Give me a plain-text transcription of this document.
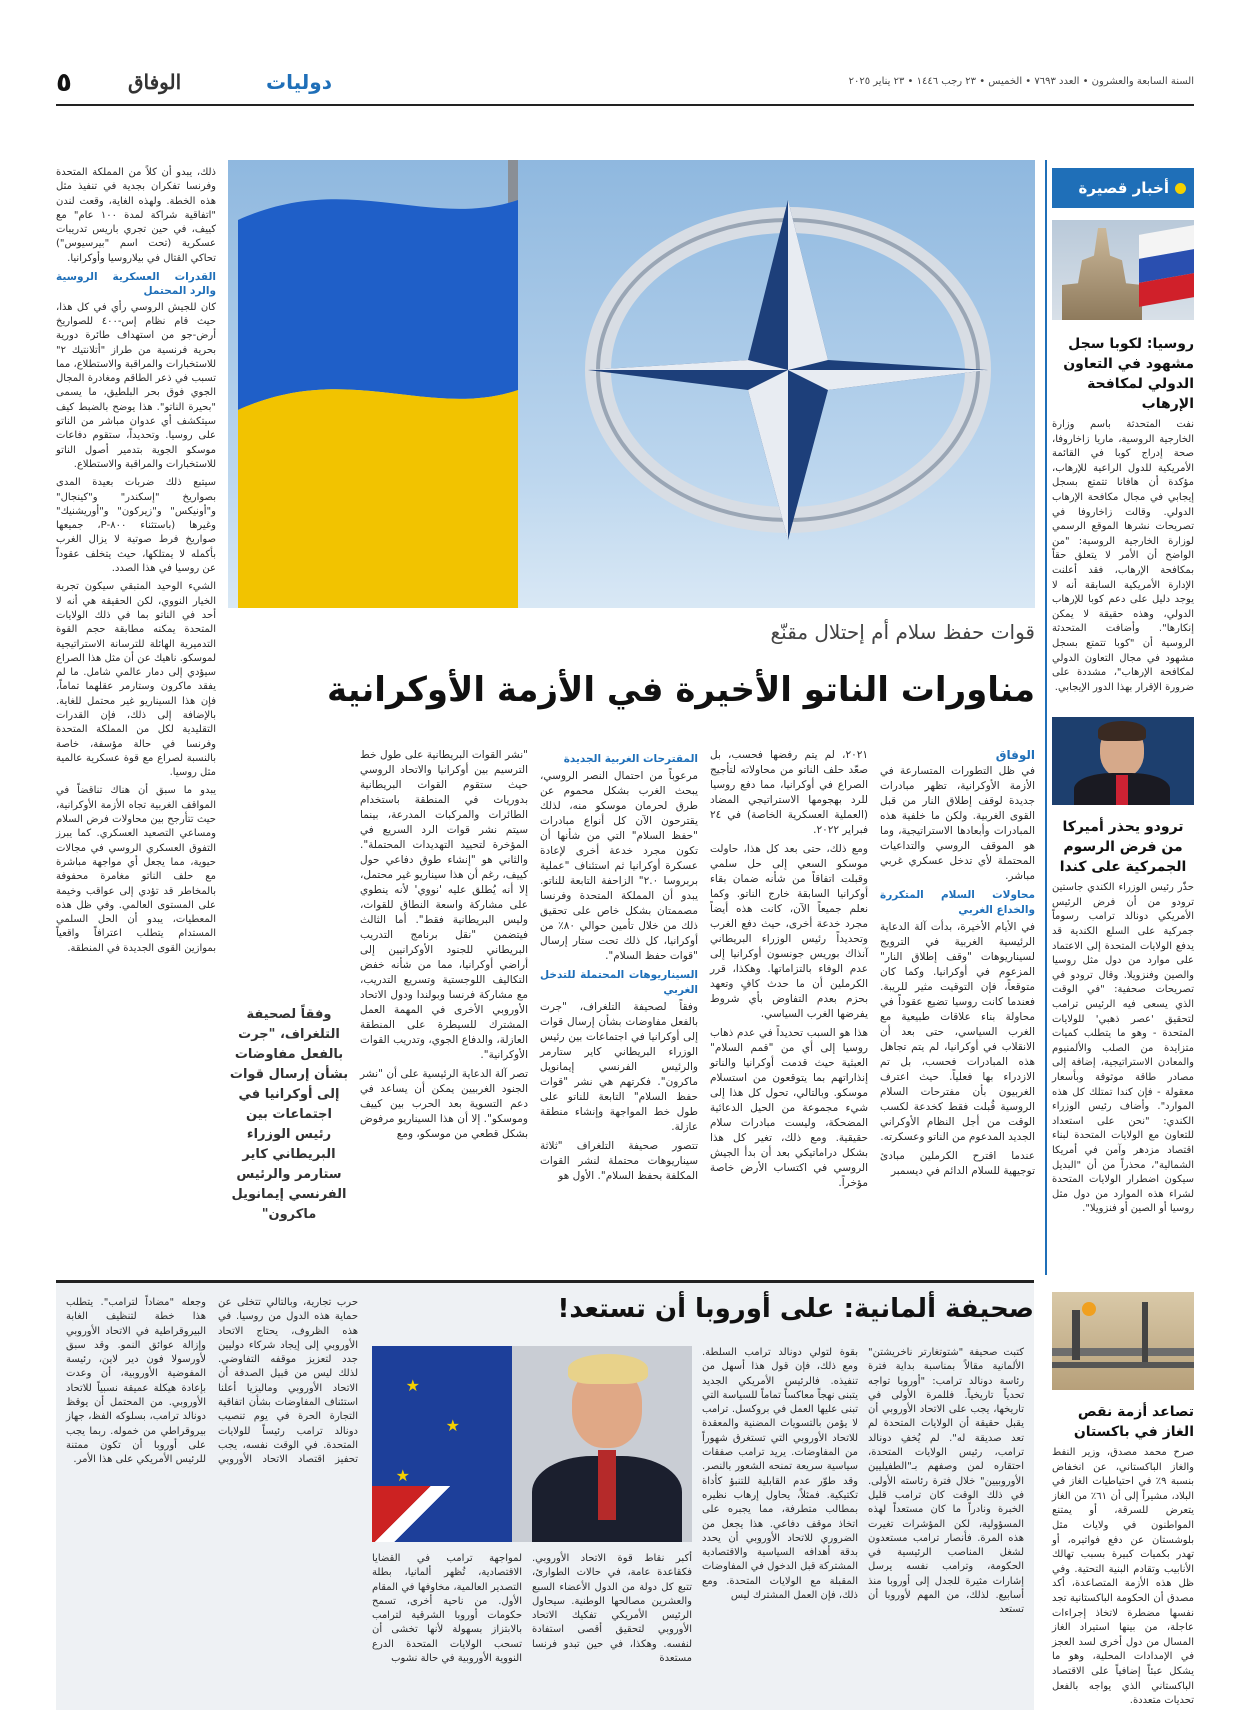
٥	الوفاق	دوليات	السنة السابعة والعشرون • العدد ٧٦٩٣ • الخميس • ٢٣ رجب ١٤٤٦ • ٢٣ يناير ٢٠٢٥
أخبار قصيرة
روسيا: لكوبا سجل مشهود في التعاون الدولي لمكافحة الإرهاب
نفت المتحدثة باسم وزارة الخارجية الروسية، ماريا زاخاروفا، صحة إدراج كوبا في القائمة الأمريكية للدول الراعية للإرهاب، مؤكدة أن هافانا تتمتع بسجل إيجابي في مجال مكافحة الإرهاب الدولي. وقالت زاخاروفا في تصريحات نشرها الموقع الرسمي لوزارة الخارجية الروسية: "من الواضح أن الأمر لا يتعلق حقاً بمكافحة الإرهاب، فقد أعلنت الإدارة الأمريكية السابقة أنه لا يوجد دليل على دعم كوبا للإرهاب الدولي، وهذه حقيقة لا يمكن إنكارها". وأضافت المتحدثة الروسية أن "كوبا تتمتع بسجل مشهود في مجال التعاون الدولي لمكافحة الإرهاب"، مشددة على ضرورة الإقرار بهذا الدور الإيجابي.
ترودو يحذر أميركا من فرض الرسوم الجمركية على كندا
حذّر رئيس الوزراء الكندي جاستين ترودو من أن فرض الرئيس الأمريكي دونالد ترامب رسوماً جمركية على السلع الكندية قد يدفع الولايات المتحدة إلى الاعتماد على موارد من دول مثل روسيا والصين وفنزويلا. وقال ترودو في تصريحات صحفية: "في الوقت الذي يسعى فيه الرئيس ترامب لتحقيق 'عصر ذهبي' للولايات المتحدة - وهو ما يتطلب كميات متزايدة من الصلب والألمنيوم والمعادن الاستراتيجية، إضافة إلى مصادر طاقة موثوقة وبأسعار معقولة - فإن كندا تمتلك كل هذه الموارد". وأضاف رئيس الوزراء الكندي: "نحن على استعداد للتعاون مع الولايات المتحدة لبناء اقتصاد مزدهر وآمن في أمريكا الشمالية"، محذراً من أن "البديل سيكون اضطرار الولايات المتحدة لشراء هذه الموارد من دول مثل روسيا أو الصين أو فنزويلا".
تصاعد أزمة نقص الغاز في باكستان
صرح محمد مصدق، وزير النفط والغاز الباكستاني، عن انخفاض بنسبة ٩٪ في احتياطيات الغاز في البلاد، مشيراً إلى أن ٦١٪ من الغاز يتعرض للسرقة، أو يمتنع المواطنون في ولايات مثل بلوشستان عن دفع فواتيره، أو تهدر بكميات كبيرة بسبب تهالك الأنابيب وتقادم البنية التحتية. وفي ظل هذه الأزمة المتصاعدة، أكد مصدق أن الحكومة الباكستانية تجد نفسها مضطرة لاتخاذ إجراءات عاجلة، من بينها استيراد الغاز المسال من دول أخرى لسد العجز في الإمدادات المحلية، وهو ما يشكل عبئاً إضافياً على الاقتصاد الباكستاني الذي يواجه بالفعل تحديات متعددة.
قوات حفظ سلام أم إحتلال مقنّع
مناورات الناتو الأخيرة في الأزمة الأوكرانية
الوفاق

في ظل التطورات المتسارعة في الأزمة الأوكرانية، تظهر مبادرات جديدة لوقف إطلاق النار من قبل القوى الغربية. ولكن ما خلفية هذه المبادرات وأبعادها الاستراتيجية، وما هو الموقف الروسي والتداعيات المحتملة لأي تدخل عسكري غربي مباشر.

محاولات السلام المتكررة والخداع الغربي

في الأيام الأخيرة، بدأت آلة الدعاية الرئيسية الغربية في الترويج لسيناريوهات "وقف إطلاق النار" المزعوم في أوكرانيا. وكما كان متوقعاً، فإن التوقيت مثير للريبة. فعندما كانت روسيا تضيع عقوداً في محاولة بناء علاقات طبيعية مع الغرب السياسي، حتى بعد أن الانقلاب في أوكرانيا، لم يتم تجاهل هذه المبادرات فحسب، بل تم الازدراء بها فعلياً. حيث اعترف الغربيون بأن مفترحات السلام الروسية قُبلت فقط كخدعة لكسب الوقت من أجل النظام الأوكراني الجديد المدعوم من الناتو وعسكرته.

عندما اقترح الكرملين مبادئ توجيهية للسلام الدائم في ديسمبر

٢٠٢١، لم يتم رفضها فحسب، بل صعّد حلف الناتو من محاولاته لتأجيج الصراع في أوكرانيا، مما دفع روسيا للرد بهجومها الاستراتيجي المضاد (العملية العسكرية الخاصة) في ٢٤ فبراير ٢٠٢٢.

ومع ذلك، حتى بعد كل هذا، حاولت موسكو السعي إلى حل سلمي وقبلت اتفاقاً من شأنه ضمان بقاء أوكرانيا السابقة خارج الناتو. وكما نعلم جميعاً الآن، كانت هذه أيضاً مجرد خدعة أخرى، حيث دفع الغرب وتحديداً رئيس الوزراء البريطاني آنذاك بوريس جونسون أوكرانيا إلى عدم الوفاء بالتزاماتها. وهكذا، قرر الكرملين أن ما حدث كافٍ وتعهد بحزم بعدم التفاوض بأي شروط يفرضها الغرب السياسي.

هذا هو السبب تحديداً في عدم ذهاب روسيا إلى أي من "قمم السلام" العبثية حيث قدمت أوكرانيا والناتو إنذاراتهم بما يتوقعون من استسلام موسكو. وبالتالي، تحول كل هذا إلى شيء مجموعة من الحيل الدعائية المضحكة، وليست مبادرات سلام حقيقية. ومع ذلك، تغير كل هذا بشكل دراماتيكي بعد أن بدأ الجيش الروسي في اكتساب الأرض خاصة مؤخراً.

المقترحات الغربية الجديدة

مرعوباً من احتمال النصر الروسي، يبحث الغرب بشكل محموم عن طرق لحرمان موسكو منه، لذلك يقترحون الآن كل أنواع مبادرات "حفظ السلام" التي من شأنها أن تكون مجرد خدعة أخرى لإعادة عسكرة أوكرانيا ثم استئناف "عملية بربروسا ٢.٠" الزاحفة التابعة للناتو. يبدو أن المملكة المتحدة وفرنسا مصممتان بشكل خاص على تحقيق ذلك من خلال تأمين حوالي ٨٠٪ من أوكرانيا، كل ذلك تحت ستار إرسال "قوات حفظ السلام".

السيناريوهات المحتملة للتدخل الغربي

وفقاً لصحيفة التلغراف، "جرت بالفعل مفاوضات بشأن إرسال قوات إلى أوكرانيا في اجتماعات بين رئيس الوزراء البريطاني كاير ستارمر والرئيس الفرنسي إيمانويل ماكرون". فكرتهم هي نشر "قوات حفظ السلام" التابعة للناتو على طول خط المواجهة وإنشاء منطقة عازلة.

تتصور صحيفة التلغراف "ثلاثة سيناريوهات محتملة لنشر القوات المكلفة بحفظ السلام". الأول هو

"نشر القوات البريطانية على طول خط الترسيم بين أوكرانيا والاتحاد الروسي حيث ستقوم القوات البريطانية بدوريات في المنطقة باستخدام الطائرات والمركبات المدرعة، بينما سيتم نشر قوات الرد السريع في المؤخرة لتحييد التهديدات المحتملة". والثاني هو "إنشاء طوق دفاعي حول كييف، رغم أن هذا سيناريو غير محتمل، إلا أنه يُطلق عليه 'نووي' لأنه ينطوي على مشاركة واسعة النطاق للقوات، وليس البريطانية فقط". أما الثالث فيتضمن "نقل برنامج التدريب البريطاني للجنود الأوكرانيين إلى أراضي أوكرانيا، مما من شأنه خفض التكاليف اللوجستية وتسريع التدريب، مع مشاركة فرنسا وبولندا ودول الاتحاد الأوروبي الأخرى في المهمة العمل المشترك للسيطرة على المنطقة العازلة، والدفاع الجوي، وتدريب القوات الأوكرانية".

تصر آلة الدعاية الرئيسية على أن "نشر الجنود الغربيين يمكن أن يساعد في دعم التسوية بعد الحرب بين كييف وموسكو". إلا أن هذا السيناريو مرفوض بشكل قطعي من موسكو، ومع

وفقاً لصحيفة التلغراف، "جرت بالفعل مفاوضات بشأن إرسال قوات إلى أوكرانيا في اجتماعات بين رئيس الوزراء البريطاني كاير ستارمر والرئيس الفرنسي إيمانويل ماكرون"

ذلك، يبدو أن كلاً من المملكة المتحدة وفرنسا تفكران بجدية في تنفيذ مثل هذه الخطة. ولهذه الغاية، وقعت لندن "اتفاقية شراكة لمدة ١٠٠ عام" مع كييف، في حين تجري باريس تدريبات عسكرية (تحت اسم "بيرسيوس") تحاكي القتال في بيلاروسيا وأوكرانيا.

القدرات العسكرية الروسية والرد المحتمل

كان للجيش الروسي رأي في كل هذا، حيث قام نظام إس-٤٠٠ للصواريخ أرض-جو من استهداف طائرة دورية بحرية فرنسية من طراز "أتلانتيك ٢" للاستخبارات والمراقبة والاستطلاع، مما تسبب في ذعر الطاقم ومغادرة المجال الجوي فوق بحر البلطيق، ما يسمى "بحيرة الناتو". هذا يوضح بالضبط كيف سيتكشف أي عدوان مباشر من الناتو على روسيا. وتحديداً، ستقوم دفاعات موسكو الجوية بتدمير أصول الناتو للاستخبارات والمراقبة والاستطلاع.

سيتبع ذلك ضربات بعيدة المدى بصواريخ "إسكندر" و"كينجال" و"أونيكس" و"زيركون" و"أوريشنيك" وغيرها (باستثناء ٨٠٠-P، جميعها صواريخ فرط صوتية لا يزال الغرب بأكمله لا يمتلكها، حيث يتخلف عقوداً عن روسيا في هذا الصدد.

الشيء الوحيد المتبقي سيكون تجربة الخيار النووي، لكن الحقيقة هي أنه لا أحد في الناتو بما في ذلك الولايات المتحدة يمكنه مطابقة حجم القوة التدميرية الهائلة للترسانة الاستراتيجية لموسكو. ناهيك عن أن مثل هذا الصراع سيؤدي إلى دمار عالمي شامل. ما لم يفقد ماكرون وستارمر عقلهما تماماً، فإن هذا السيناريو غير محتمل للغاية. بالإضافة إلى ذلك، فإن القدرات التقليدية لكل من المملكة المتحدة وفرنسا في حالة مؤسفة، خاصة بالنسبة لصراع مع قوة عسكرية عالمية مثل روسيا.

يبدو ما سبق أن هناك تناقضاً في المواقف الغربية تجاه الأزمة الأوكرانية، حيث تتأرجح بين محاولات فرض السلام ومساعي التصعيد العسكري. كما يبرز التفوق العسكري الروسي في مجالات حيوية، مما يجعل أي مواجهة مباشرة مع حلف الناتو مغامرة محفوفة بالمخاطر قد تؤدي إلى عواقب وخيمة على المستوى العالمي. وفي ظل هذه المعطيات، يبدو أن الحل السلمي المستدام يتطلب اعترافاً واقعياً بموازين القوى الجديدة في المنطقة.

صحيفة ألمانية: على أوروبا أن تستعد!
★
★
★
كتبت صحيفة "شتوتغارتر ناخريشتن" الألمانية مقالاً بمناسبة بداية فترة رئاسة دونالد ترامب: "أوروبا تواجه تحدياً تاريخياً. فللمرة الأولى في تاريخها، يجب على الاتحاد الأوروبي أن يقبل حقيقة أن الولايات المتحدة لم تعد صديقة له". لم يُخفِ دونالد ترامب، رئيس الولايات المتحدة، احتقاره لمن وصفهم بـ"الطفيليين الأوروبيين" خلال فترة رئاسته الأولى. في ذلك الوقت كان ترامب قليل الخبرة ونادراً ما كان مستعداً لهذه المسؤولية، لكن المؤشرات تغيرت هذه المرة. فأنصار ترامب مستعدون لشغل المناصب الرئيسية في الحكومة، وترامب نفسه يرسل إشارات مثيرة للجدل إلى أوروبا منذ أسابيع. لذلك، من المهم لأوروبا أن تستعد
بقوة لتولي دونالد ترامب السلطة. ومع ذلك، فإن قول هذا أسهل من تنفيذه. فالرئيس الأمريكي الجديد يتبنى نهجاً معاكساً تماماً للسياسة التي تبنى عليها العمل في بروكسل. ترامب لا يؤمن بالتسويات المضنية والمعقدة للاتحاد الأوروبي التي تستغرق شهوراً من المفاوضات. يريد ترامب صفقات سياسية سريعة تمنحه الشعور بالنصر. وقد طوّر عدم القابلية للتنبؤ كأداة تكتيكية. فمثلاً، يحاول إرهاب نظيره بمطالب متطرفة، مما يجبره على اتخاذ موقف دفاعي. هذا يجعل من الضروري للاتحاد الأوروبي أن يحدد بدقة أهدافه السياسية والاقتصادية المشتركة قبل الدخول في المفاوضات المقبلة مع الولايات المتحدة. ومع ذلك، فإن العمل المشترك ليس
أكبر نقاط قوة الاتحاد الأوروبي. فكقاعدة عامة، في حالات الطوارئ، تتبع كل دولة من الدول الأعضاء السبع والعشرين مصالحها الوطنية. سيحاول الرئيس الأمريكي تفكيك الاتحاد الأوروبي لتحقيق أقصى استفادة لنفسه. وهكذا، في حين تبدو فرنسا مستعدة
لمواجهة ترامب في القضايا الاقتصادية، تُظهر ألمانيا، بطلة التصدير العالمية، مخاوفها في المقام الأول. من ناحية أخرى، تسمح حكومات أوروبا الشرقية لترامب بالابتزاز بسهولة لأنها تخشى أن تسحب الولايات المتحدة الدرع النووية الأوروبية في حالة نشوب
حرب تجارية، وبالتالي تتخلى عن حماية هذه الدول من روسيا. في هذه الظروف، يحتاج الاتحاد الأوروبي إلى إيجاد شركاء دوليين جدد لتعزيز موقفه التفاوضي. لذلك ليس من قبيل الصدفة أن الاتحاد الأوروبي وماليزيا أعلنا استئناف المفاوضات بشأن اتفاقية التجارة الحرة في يوم تنصيب دونالد ترامب رئيساً للولايات المتحدة. في الوقت نفسه، يجب تحفيز اقتصاد الاتحاد الأوروبي وجعله "مضاداً لترامب". يتطلب هذا خطة لتنظيف الغابة البيروقراطية في الاتحاد الأوروبي وإزالة عوائق النمو. وقد سبق لأورسولا فون دير لاين، رئيسة المفوضية الأوروبية، أن وعدت بإعادة هيكلة عميقة نسبياً للاتحاد الأوروبي. من المحتمل أن يوقظ دونالد ترامب، بسلوكه الفظ، جهاز بيروقراطي من خموله. ربما يجب على أوروبا أن تكون ممتنة للرئيس الأمريكي على هذا الأمر.
